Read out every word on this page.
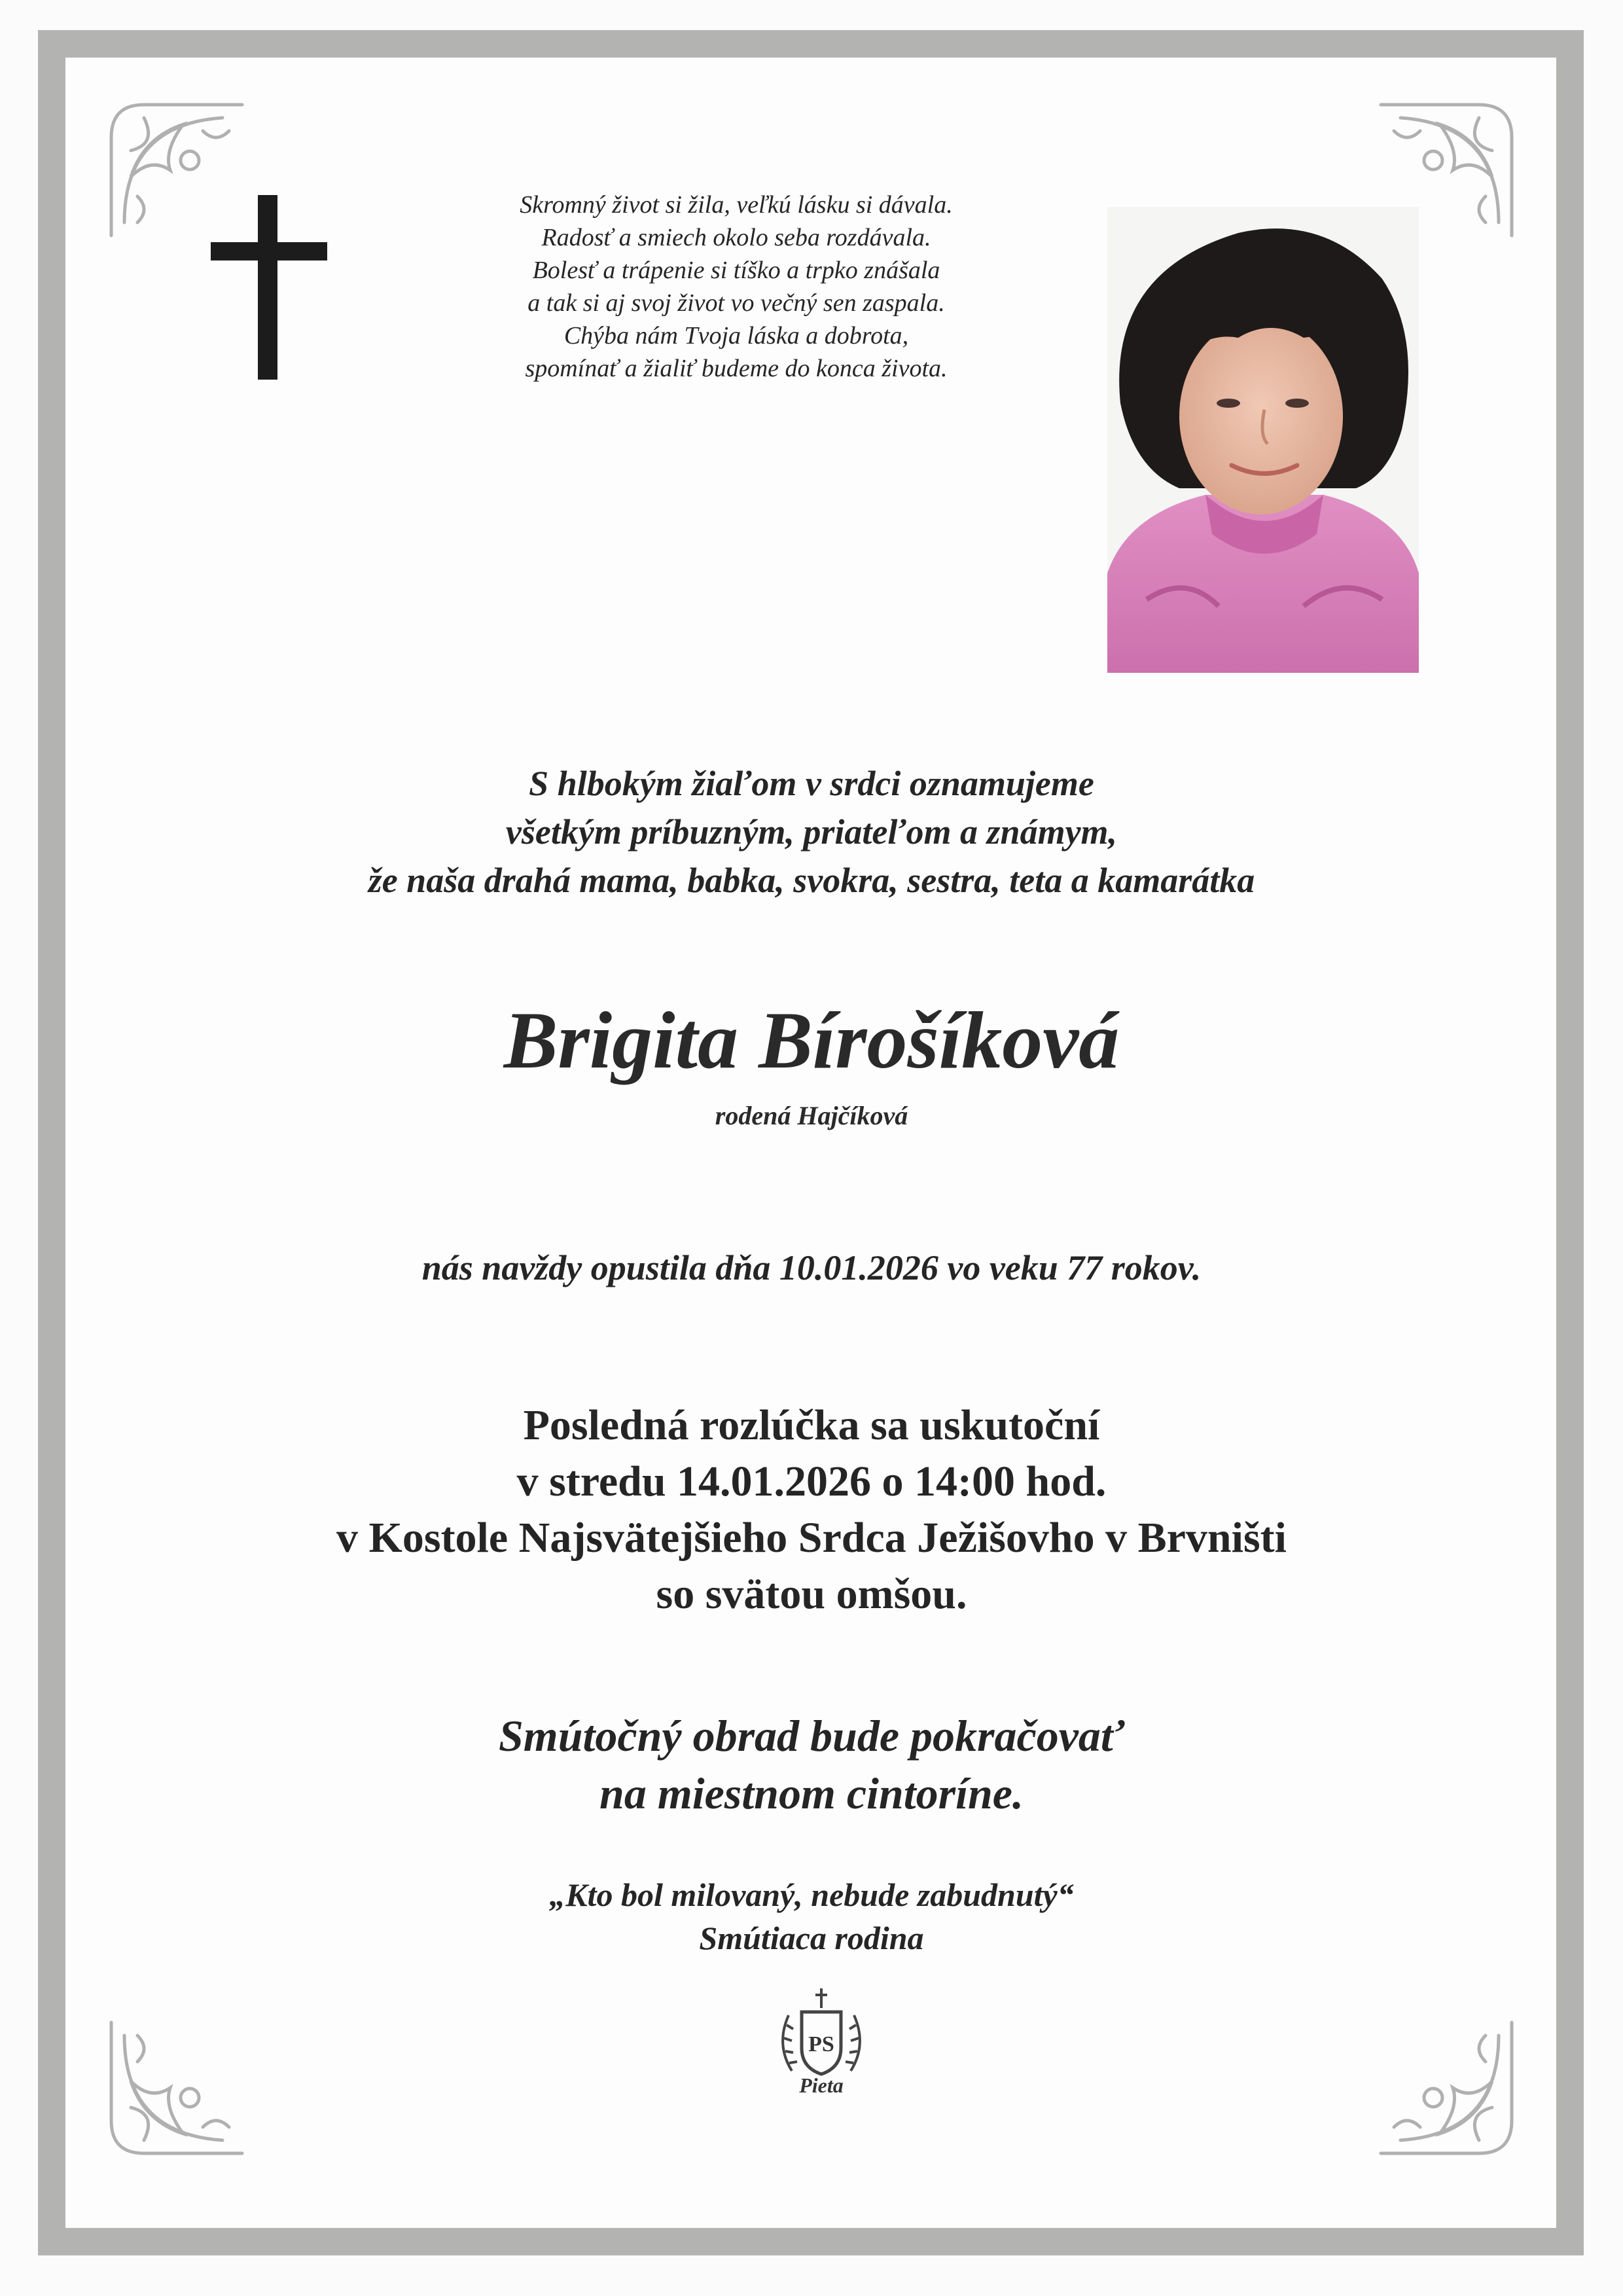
Skromný život si žila, veľkú lásku si dávala.
Radosť a smiech okolo seba rozdávala.
Bolesť a trápenie si tíško a trpko znášala
a tak si aj svoj život vo večný sen zaspala.
Chýba nám Tvoja láska a dobrota,
spomínať a žialiť budeme do konca života.
S hlbokým žiaľom v srdci oznamujeme
všetkým príbuzným, priateľom a známym,
že naša drahá mama, babka, svokra, sestra, teta a kamarátka
Brigita Bírošíková
rodená Hajčíková
nás navždy opustila dňa 10.01.2026 vo veku 77 rokov.
Posledná rozlúčka sa uskutoční
v stredu 14.01.2026 o 14:00 hod.
v Kostole Najsvätejšieho Srdca Ježišovho v Brvništi
so svätou omšou.
Smútočný obrad bude pokračovať
na miestnom cintoríne.
„Kto bol milovaný, nebude zabudnutý“
Smútiaca rodina
PS
Pieta
